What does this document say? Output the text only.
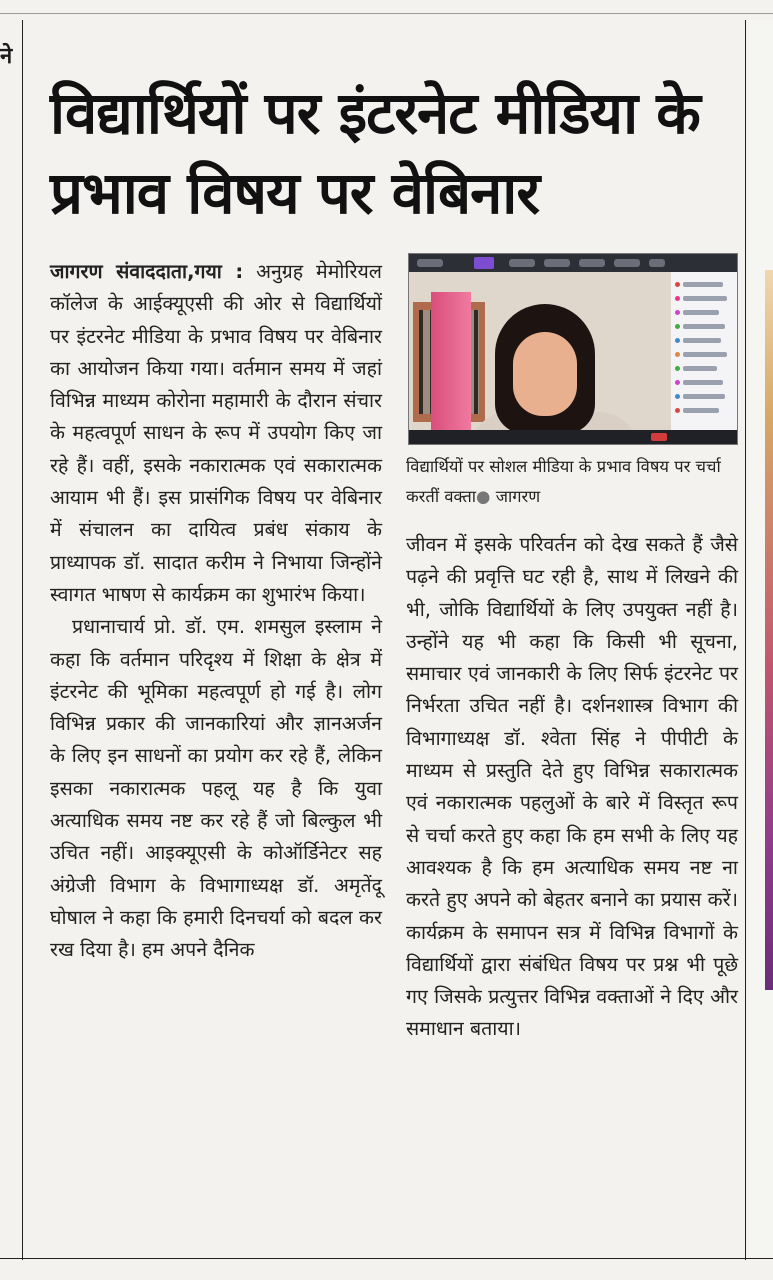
ने
विद्यार्थियों पर इंटरनेट मीडिया के प्रभाव विषय पर वेबिनार

जागरण संवाददाता,गया : अनुग्रह मेमोरियल कॉलेज के आईक्यूएसी की ओर से विद्यार्थियों पर इंटरनेट मीडिया के प्रभाव विषय पर वेबिनार का आयोजन किया गया। वर्तमान समय में जहां विभिन्न माध्यम कोरोना महामारी के दौरान संचार के महत्वपूर्ण साधन के रूप में उपयोग किए जा रहे हैं। वहीं, इसके नकारात्मक एवं सकारात्मक आयाम भी हैं। इस प्रासंगिक विषय पर वेबिनार में संचालन का दायित्व प्रबंध संकाय के प्राध्यापक डॉ. सादात करीम ने निभाया जिन्होंने स्वागत भाषण से कार्यक्रम का शुभारंभ किया।

प्रधानाचार्य प्रो. डॉ. एम. शमसुल इस्लाम ने कहा कि वर्तमान परिदृश्य में शिक्षा के क्षेत्र में इंटरनेट की भूमिका महत्वपूर्ण हो गई है। लोग विभिन्न प्रकार की जानकारियां और ज्ञानअर्जन के लिए इन साधनों का प्रयोग कर रहे हैं, लेकिन इसका नकारात्मक पहलू यह है कि युवा अत्याधिक समय नष्ट कर रहे हैं जो बिल्कुल भी उचित नहीं। आइक्यूएसी के कोऑर्डिनेटर सह अंग्रेजी विभाग के विभागाध्यक्ष डॉ. अमृतेंदू घोषाल ने कहा कि हमारी दिनचर्या को बदल कर रख दिया है। हम अपने दैनिक

विद्यार्थियों पर सोशल मीडिया के प्रभाव विषय पर चर्चा करतीं वक्ता● जागरण

जीवन में इसके परिवर्तन को देख सकते हैं जैसे पढ़ने की प्रवृत्ति घट रही है, साथ में लिखने की भी, जोकि विद्यार्थियों के लिए उपयुक्त नहीं है। उन्होंने यह भी कहा कि किसी भी सूचना, समाचार एवं जानकारी के लिए सिर्फ इंटरनेट पर निर्भरता उचित नहीं है। दर्शनशास्त्र विभाग की विभागाध्यक्ष डॉ. श्वेता सिंह ने पीपीटी के माध्यम से प्रस्तुति देते हुए विभिन्न सकारात्मक एवं नकारात्मक पहलुओं के बारे में विस्तृत रूप से चर्चा करते हुए कहा कि हम सभी के लिए यह आवश्यक है कि हम अत्याधिक समय नष्ट ना करते हुए अपने को बेहतर बनाने का प्रयास करें। कार्यक्रम के समापन सत्र में विभिन्न विभागों के विद्यार्थियों द्वारा संबंधित विषय पर प्रश्न भी पूछे गए जिसके प्रत्युत्तर विभिन्न वक्ताओं ने दिए और समाधान बताया।
